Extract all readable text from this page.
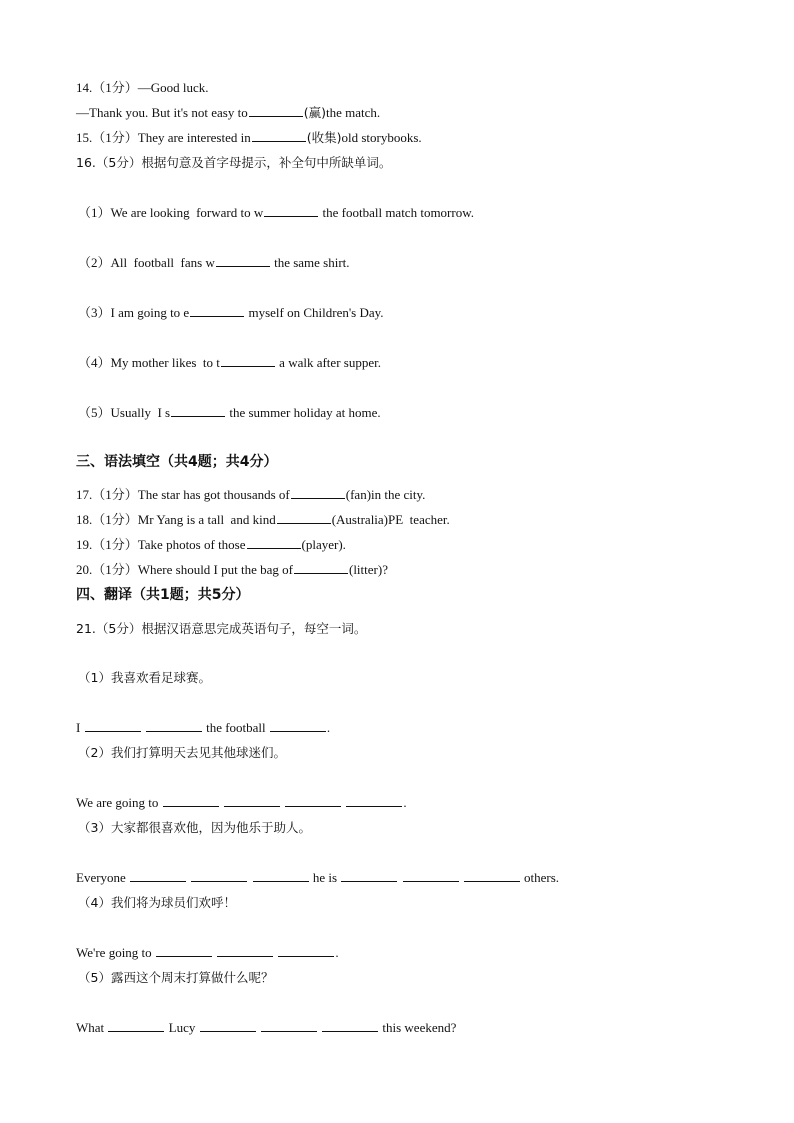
14.（1分）—Good luck.
—Thank you. But it's not easy to	(赢)the match.
15.（1分）They are interested in	(收集)old storybooks.
16.（5分）根据句意及首字母提示，补全句中所缺单词。
（1）We are looking  forward to w	the football match tomorrow.
（2）All  football  fans w	the same shirt.
（3）I am going to e	myself on Children's Day.
（4）My mother likes  to t	a walk after supper.
（5）Usually  I s	the summer holiday at home.
三、语法填空（共4题；共4分）
17.（1分）The star has got thousands of	(fan)in the city.
18.（1分）Mr Yang is a tall  and kind	(Australia)PE  teacher.
19.（1分）Take photos of those	(player).
20.（1分）Where should I put the bag of	(litter)?
四、翻译（共1题；共5分）
21.（5分）根据汉语意思完成英语句子，每空一词。
（1）我喜欢看足球赛。
I	the football	.
（2）我们打算明天去见其他球迷们。
We are going to	.
（3）大家都很喜欢他，因为他乐于助人。
Everyone	he is	others.
（4）我们将为球员们欢呼！
We're going to	.
（5）露西这个周末打算做什么呢？
What	Lucy	this weekend?
